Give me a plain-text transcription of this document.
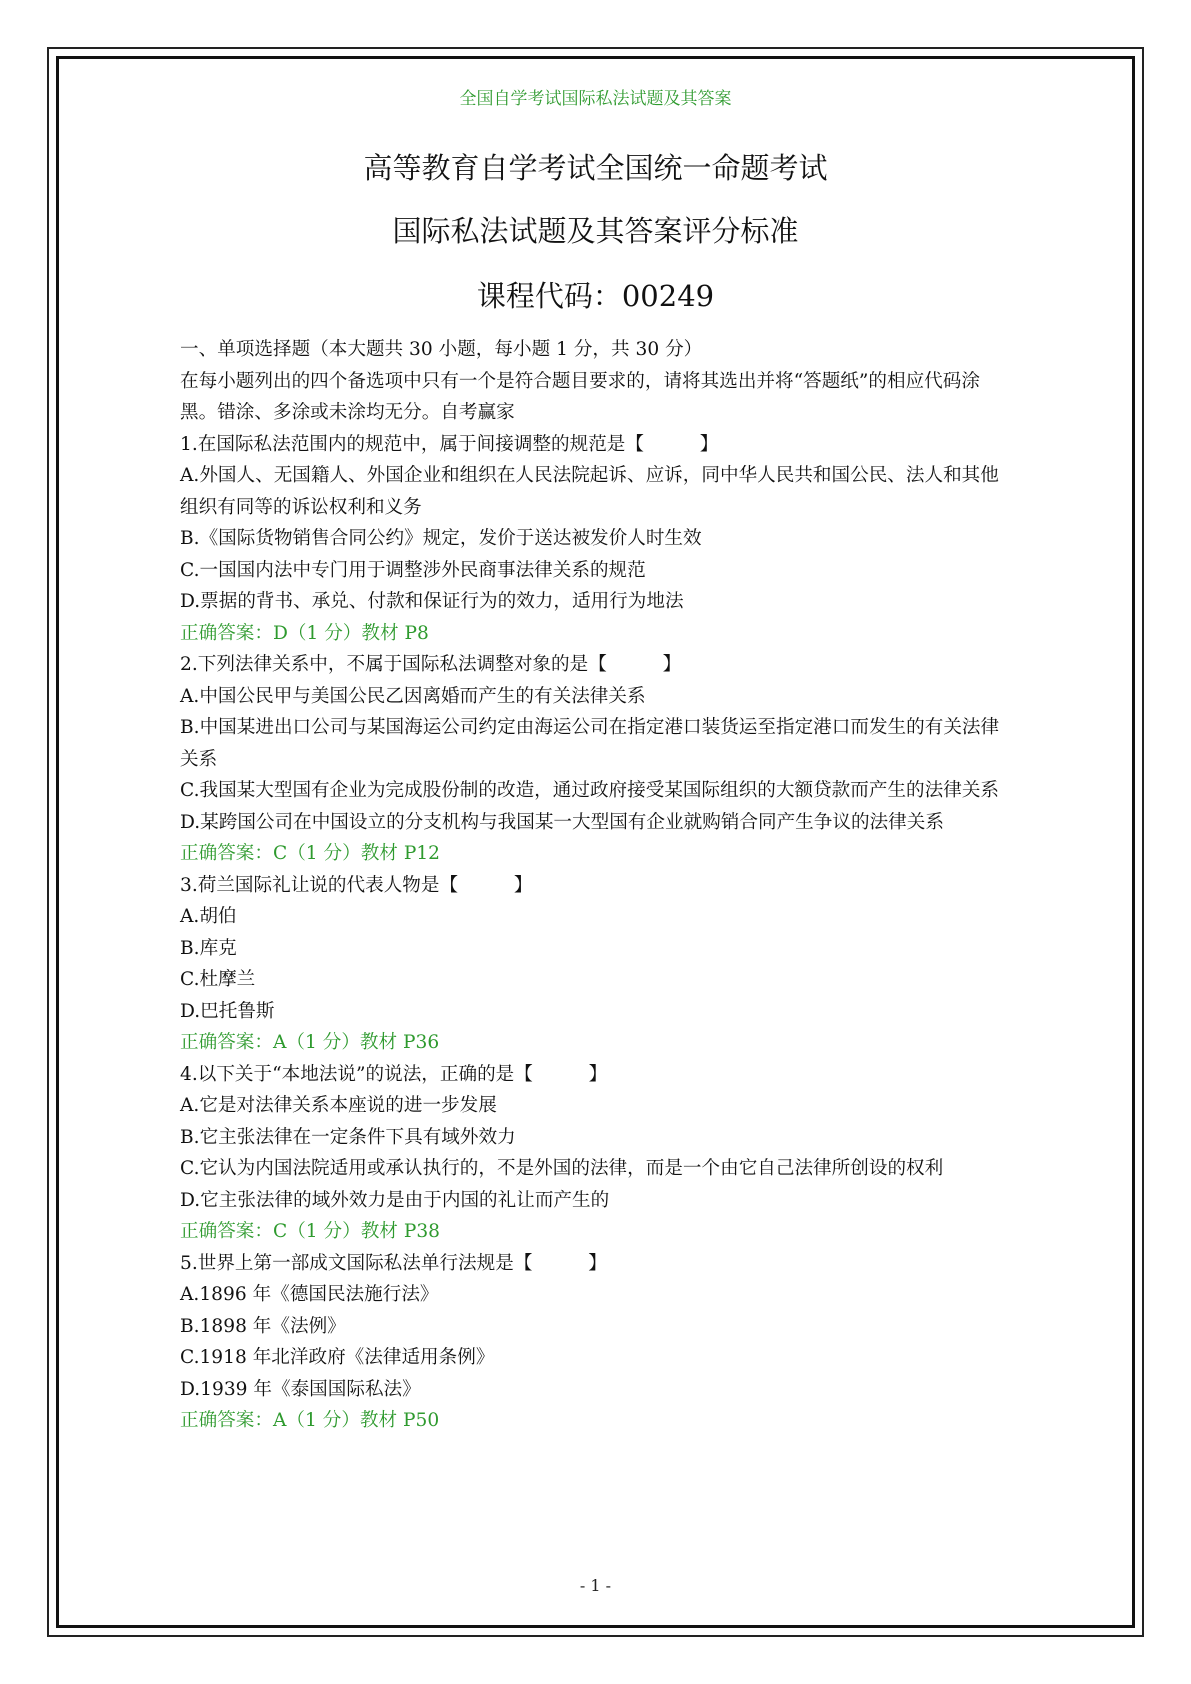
全国自学考试国际私法试题及其答案
高等教育自学考试全国统一命题考试
国际私法试题及其答案评分标准
课程代码：00249

一、单项选择题（本大题共 30 小题，每小题 1 分，共 30 分）

在每小题列出的四个备选项中只有一个是符合题目要求的，请将其选出并将“答题纸”的相应代码涂黑。错涂、多涂或未涂均无分。自考赢家

1.在国际私法范围内的规范中，属于间接调整的规范是【　　　】

A.外国人、无国籍人、外国企业和组织在人民法院起诉、应诉，同中华人民共和国公民、法人和其他组织有同等的诉讼权利和义务

B.《国际货物销售合同公约》规定，发价于送达被发价人时生效

C.一国国内法中专门用于调整涉外民商事法律关系的规范

D.票据的背书、承兑、付款和保证行为的效力，适用行为地法

正确答案：D（1 分）教材 P8

2.下列法律关系中，不属于国际私法调整对象的是【　　　】

A.中国公民甲与美国公民乙因离婚而产生的有关法律关系

B.中国某进出口公司与某国海运公司约定由海运公司在指定港口装货运至指定港口而发生的有关法律关系

C.我国某大型国有企业为完成股份制的改造，通过政府接受某国际组织的大额贷款而产生的法律关系

D.某跨国公司在中国设立的分支机构与我国某一大型国有企业就购销合同产生争议的法律关系

正确答案：C（1 分）教材 P12

3.荷兰国际礼让说的代表人物是【　　　】

A.胡伯

B.库克

C.杜摩兰

D.巴托鲁斯

正确答案：A（1 分）教材 P36

4.以下关于“本地法说”的说法，正确的是【　　　】

A.它是对法律关系本座说的进一步发展

B.它主张法律在一定条件下具有域外效力

C.它认为内国法院适用或承认执行的，不是外国的法律，而是一个由它自己法律所创设的权利

D.它主张法律的域外效力是由于内国的礼让而产生的

正确答案：C（1 分）教材 P38

5.世界上第一部成文国际私法单行法规是【　　　】

A.1896 年《德国民法施行法》

B.1898 年《法例》

C.1918 年北洋政府《法律适用条例》

D.1939 年《泰国国际私法》

正确答案：A（1 分）教材 P50

- 1 -
